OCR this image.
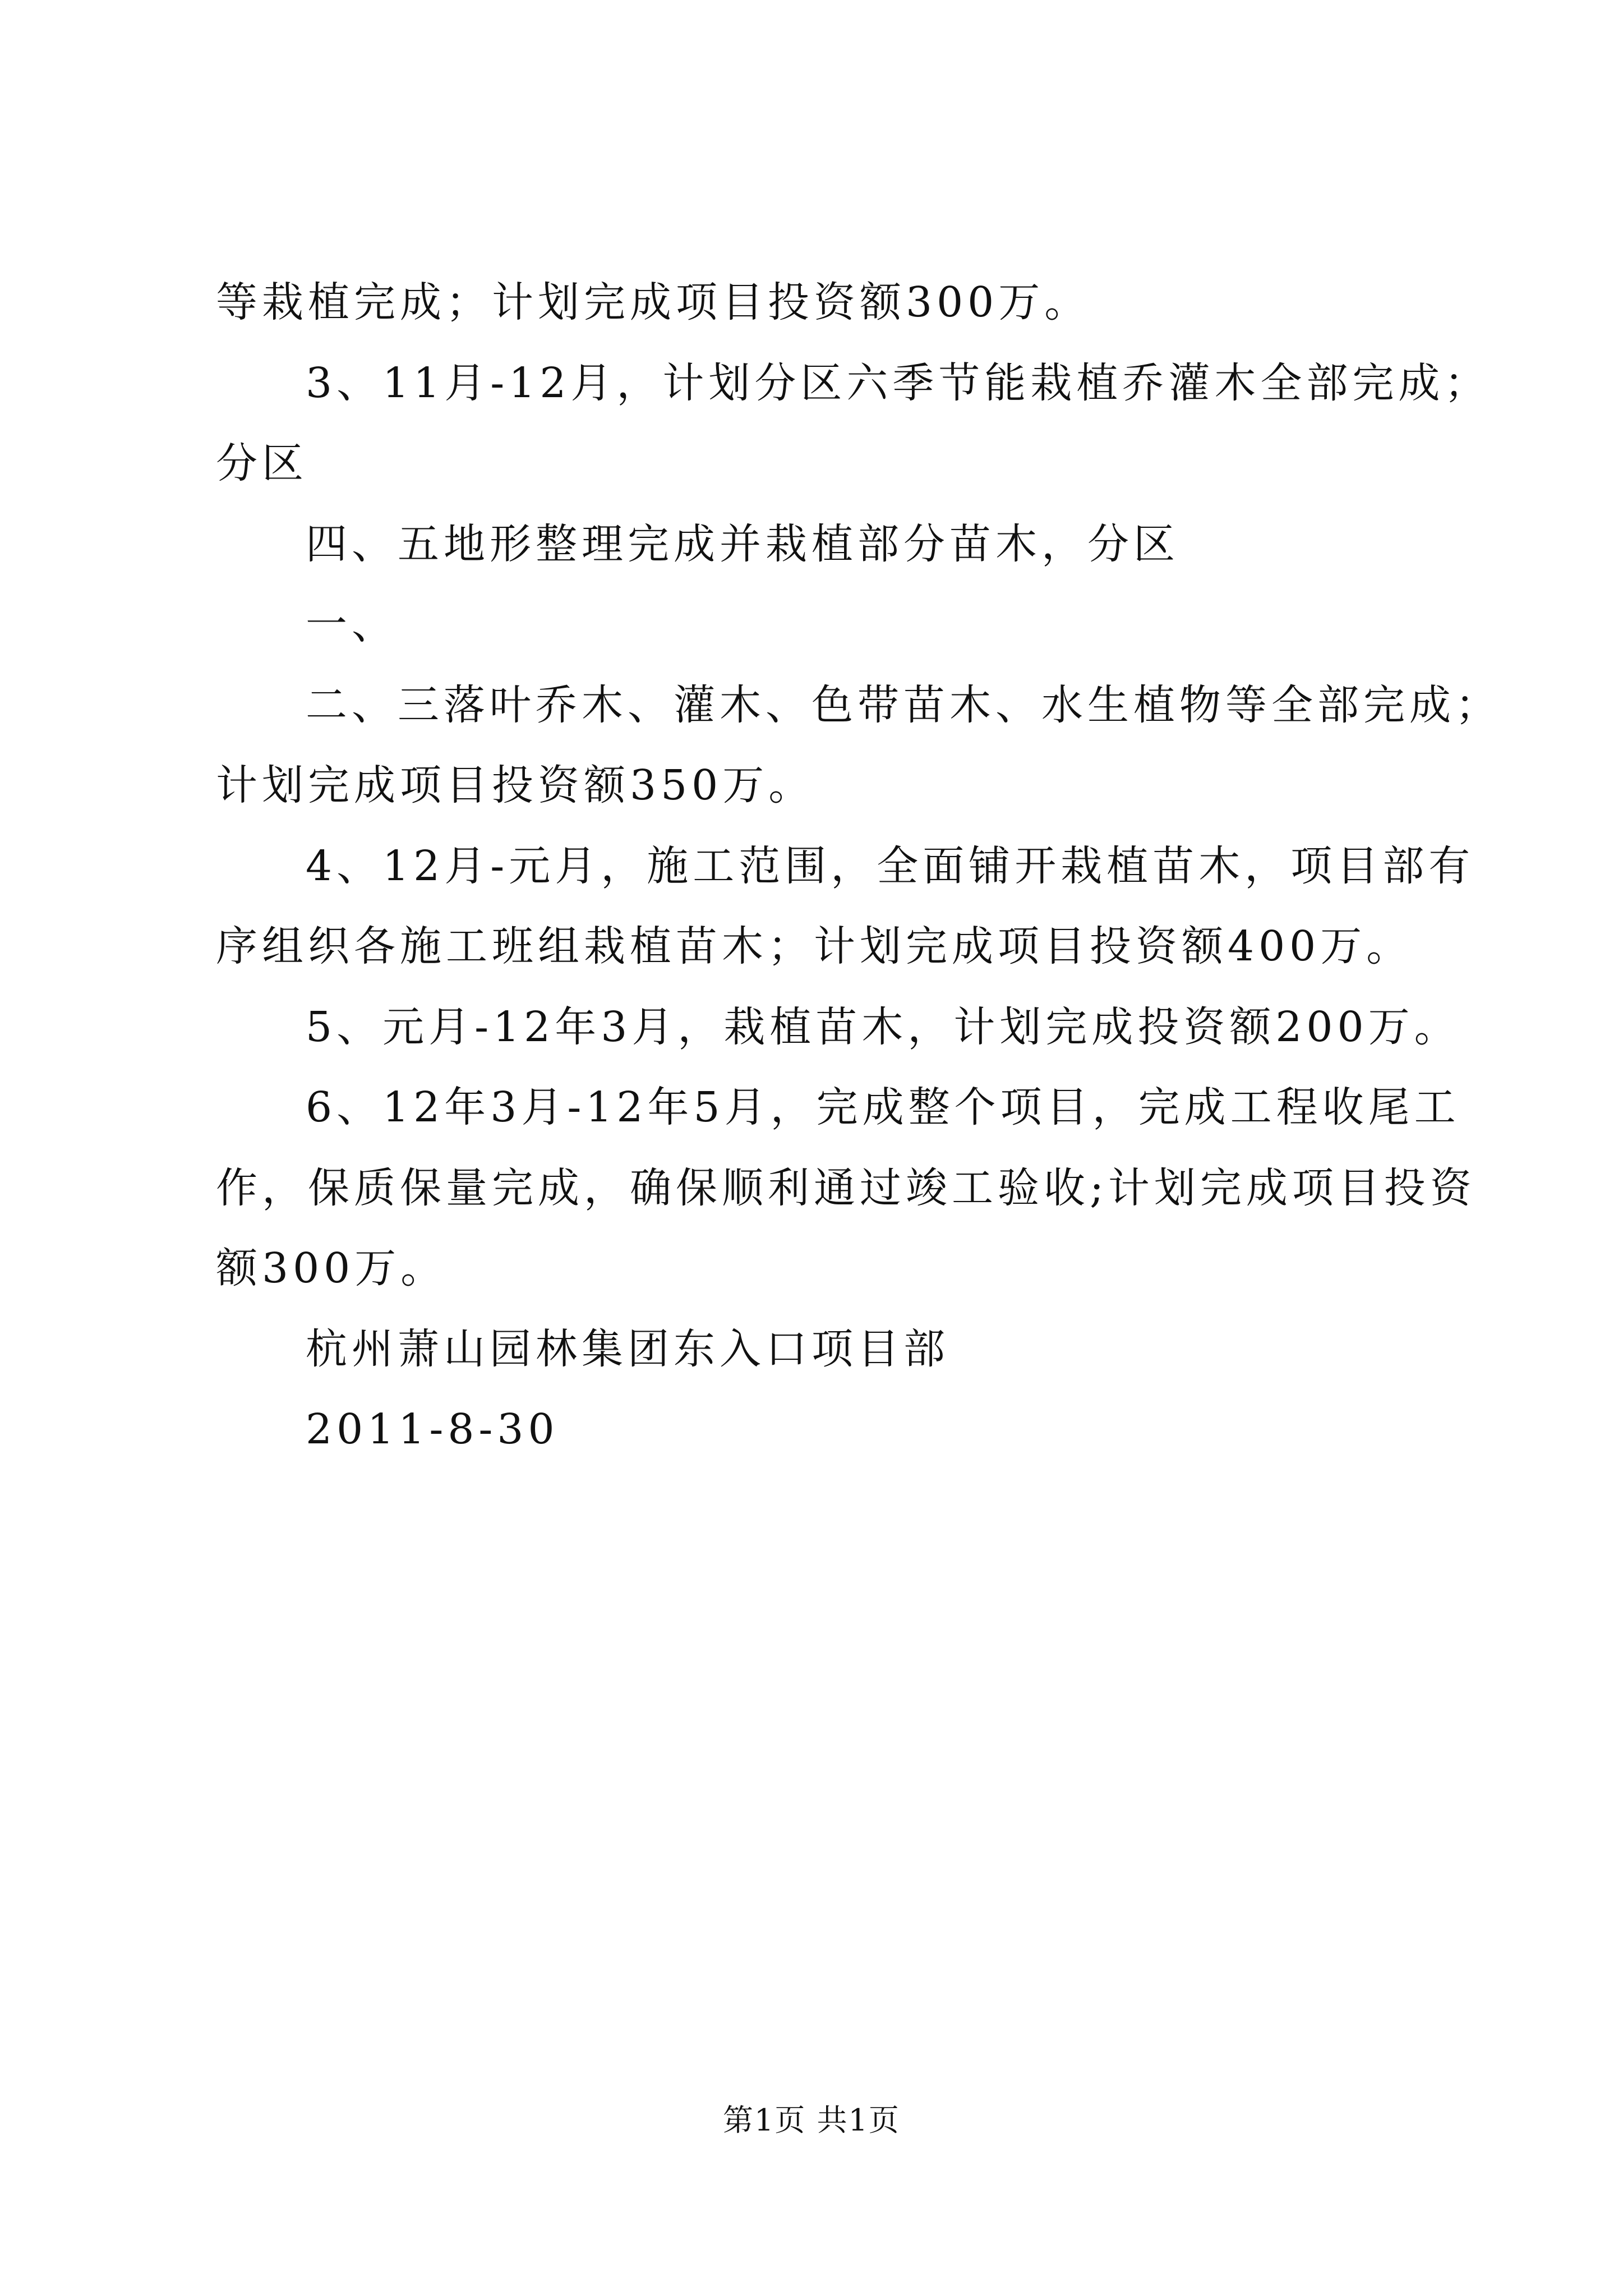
等栽植完成；计划完成项目投资额300万。
3、11月-12月，计划分区六季节能栽植乔灌木全部完成；
分区
四、五地形整理完成并栽植部分苗木，分区
一、
二、三落叶乔木、灌木、色带苗木、水生植物等全部完成；
计划完成项目投资额350万。
4、12月-元月，施工范围，全面铺开栽植苗木，项目部有
序组织各施工班组栽植苗木；计划完成项目投资额400万。
5、元月-12年3月，栽植苗木，计划完成投资额200万。
6、12年3月-12年5月，完成整个项目，完成工程收尾工
作，保质保量完成，确保顺利通过竣工验收;计划完成项目投资
额300万。
杭州萧山园林集团东入口项目部
2011-8-30
第1页 共1页
